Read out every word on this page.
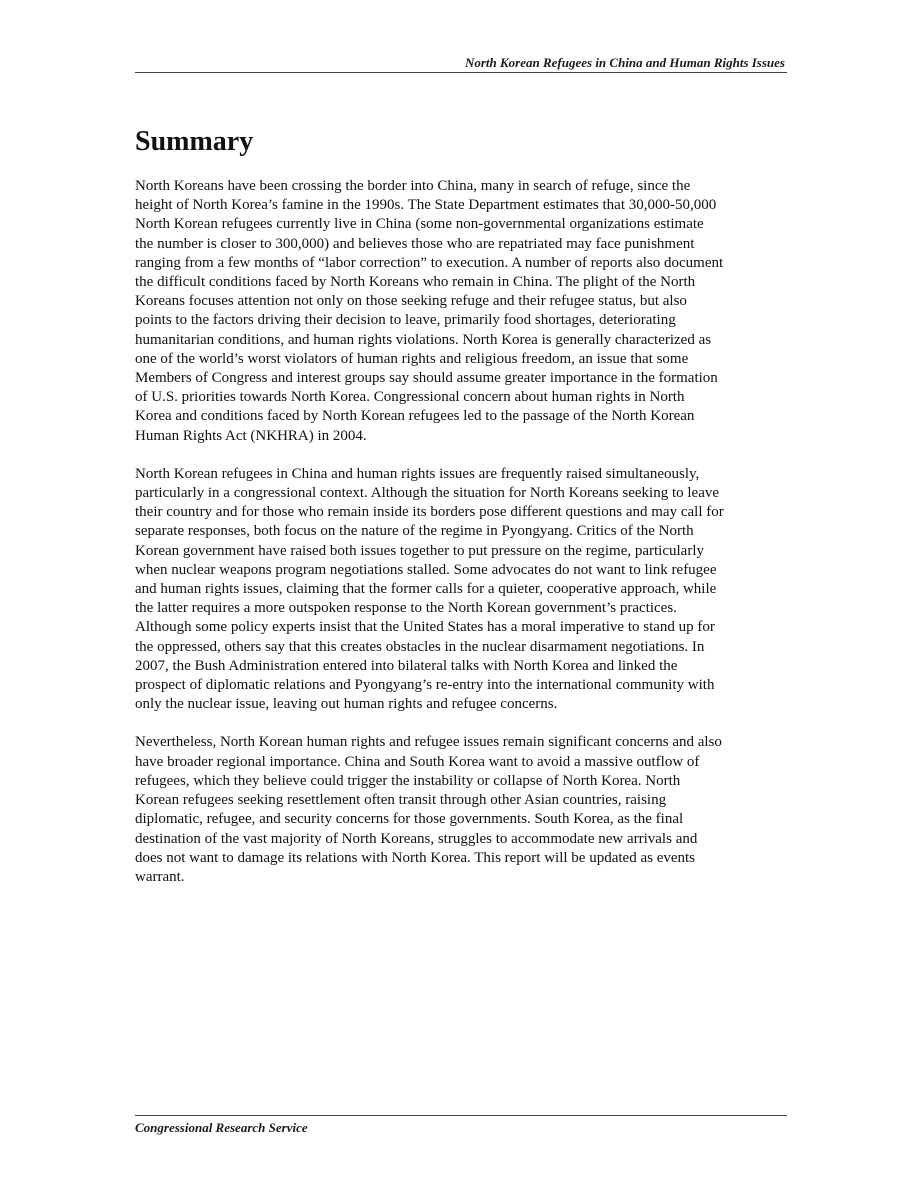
North Korean Refugees in China and Human Rights Issues
Summary

North Koreans have been crossing the border into China, many in search of refuge, since the
height of North Korea’s famine in the 1990s. The State Department estimates that 30,000-50,000
North Korean refugees currently live in China (some non-governmental organizations estimate
the number is closer to 300,000) and believes those who are repatriated may face punishment
ranging from a few months of “labor correction” to execution. A number of reports also document
the difficult conditions faced by North Koreans who remain in China. The plight of the North
Koreans focuses attention not only on those seeking refuge and their refugee status, but also
points to the factors driving their decision to leave, primarily food shortages, deteriorating
humanitarian conditions, and human rights violations. North Korea is generally characterized as
one of the world’s worst violators of human rights and religious freedom, an issue that some
Members of Congress and interest groups say should assume greater importance in the formation
of U.S. priorities towards North Korea. Congressional concern about human rights in North
Korea and conditions faced by North Korean refugees led to the passage of the North Korean
Human Rights Act (NKHRA) in 2004.

North Korean refugees in China and human rights issues are frequently raised simultaneously,
particularly in a congressional context. Although the situation for North Koreans seeking to leave
their country and for those who remain inside its borders pose different questions and may call for
separate responses, both focus on the nature of the regime in Pyongyang. Critics of the North
Korean government have raised both issues together to put pressure on the regime, particularly
when nuclear weapons program negotiations stalled. Some advocates do not want to link refugee
and human rights issues, claiming that the former calls for a quieter, cooperative approach, while
the latter requires a more outspoken response to the North Korean government’s practices.
Although some policy experts insist that the United States has a moral imperative to stand up for
the oppressed, others say that this creates obstacles in the nuclear disarmament negotiations. In
2007, the Bush Administration entered into bilateral talks with North Korea and linked the
prospect of diplomatic relations and Pyongyang’s re-entry into the international community with
only the nuclear issue, leaving out human rights and refugee concerns.

Nevertheless, North Korean human rights and refugee issues remain significant concerns and also
have broader regional importance. China and South Korea want to avoid a massive outflow of
refugees, which they believe could trigger the instability or collapse of North Korea. North
Korean refugees seeking resettlement often transit through other Asian countries, raising
diplomatic, refugee, and security concerns for those governments. South Korea, as the final
destination of the vast majority of North Koreans, struggles to accommodate new arrivals and
does not want to damage its relations with North Korea. This report will be updated as events
warrant.

Congressional Research Service
